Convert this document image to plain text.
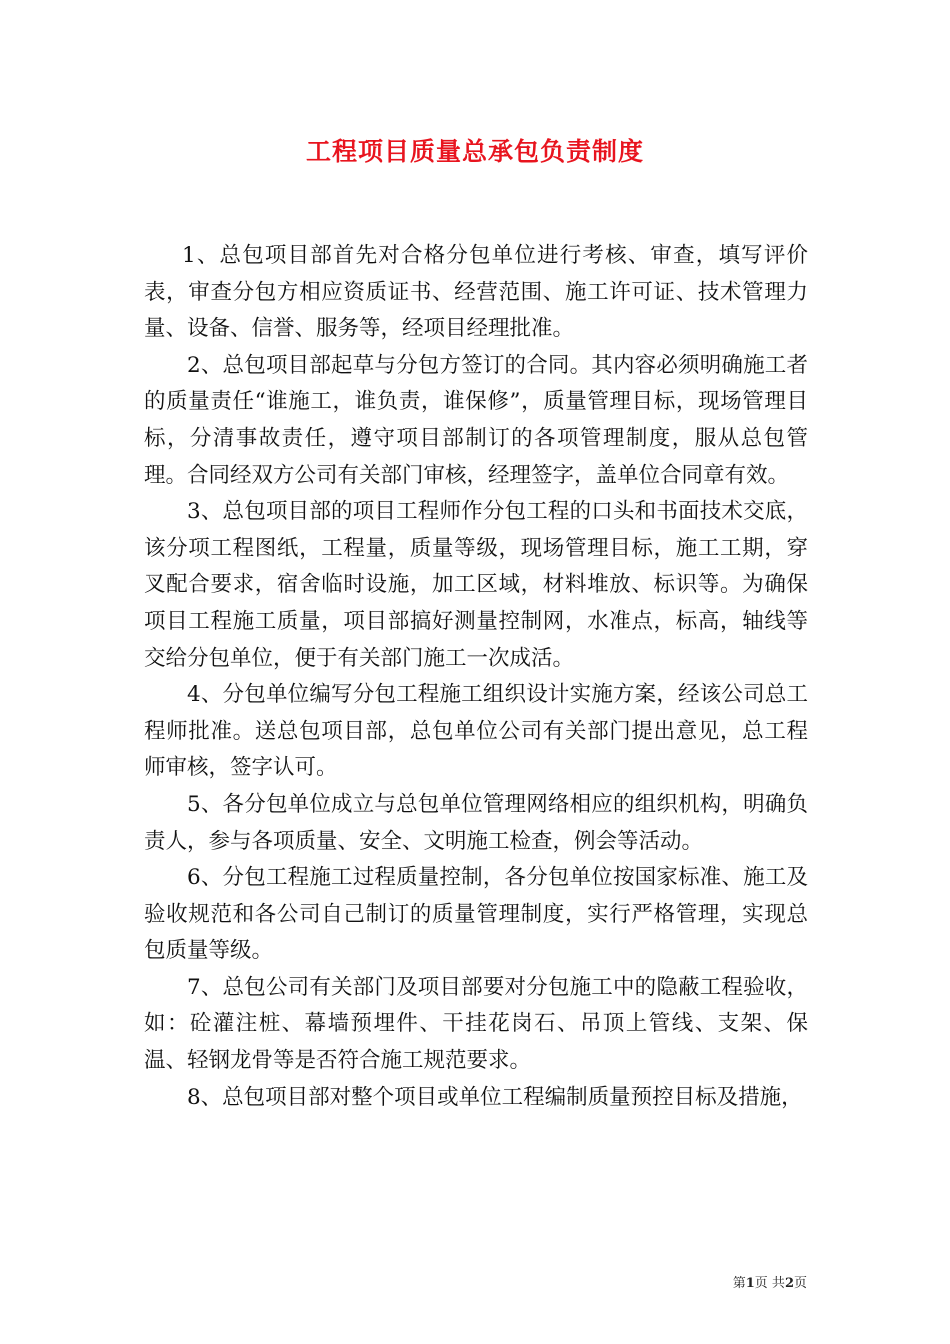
工程项目质量总承包负责制度

1、总包项目部首先对合格分包单位进行考核、审查，填写评价表，审查分包方相应资质证书、经营范围、施工许可证、技术管理力量、设备、信誉、服务等，经项目经理批准。

2、总包项目部起草与分包方签订的合同。其内容必须明确施工者的质量责任“谁施工，谁负责，谁保修”，质量管理目标，现场管理目标，分清事故责任，遵守项目部制订的各项管理制度，服从总包管理。合同经双方公司有关部门审核，经理签字，盖单位合同章有效。

3、总包项目部的项目工程师作分包工程的口头和书面技术交底，该分项工程图纸，工程量，质量等级，现场管理目标，施工工期，穿叉配合要求，宿舍临时设施，加工区域，材料堆放、标识等。为确保项目工程施工质量，项目部搞好测量控制网，水准点，标高，轴线等交给分包单位，便于有关部门施工一次成活。

4、分包单位编写分包工程施工组织设计实施方案，经该公司总工程师批准。送总包项目部，总包单位公司有关部门提出意见，总工程师审核，签字认可。

5、各分包单位成立与总包单位管理网络相应的组织机构，明确负责人，参与各项质量、安全、文明施工检查，例会等活动。

6、分包工程施工过程质量控制，各分包单位按国家标准、施工及验收规范和各公司自己制订的质量管理制度，实行严格管理，实现总包质量等级。

7、总包公司有关部门及项目部要对分包施工中的隐蔽工程验收，如：砼灌注桩、幕墙预埋件、干挂花岗石、吊顶上管线、支架、保温、轻钢龙骨等是否符合施工规范要求。

8、总包项目部对整个项目或单位工程编制质量预控目标及措施，

第1页 共2页
